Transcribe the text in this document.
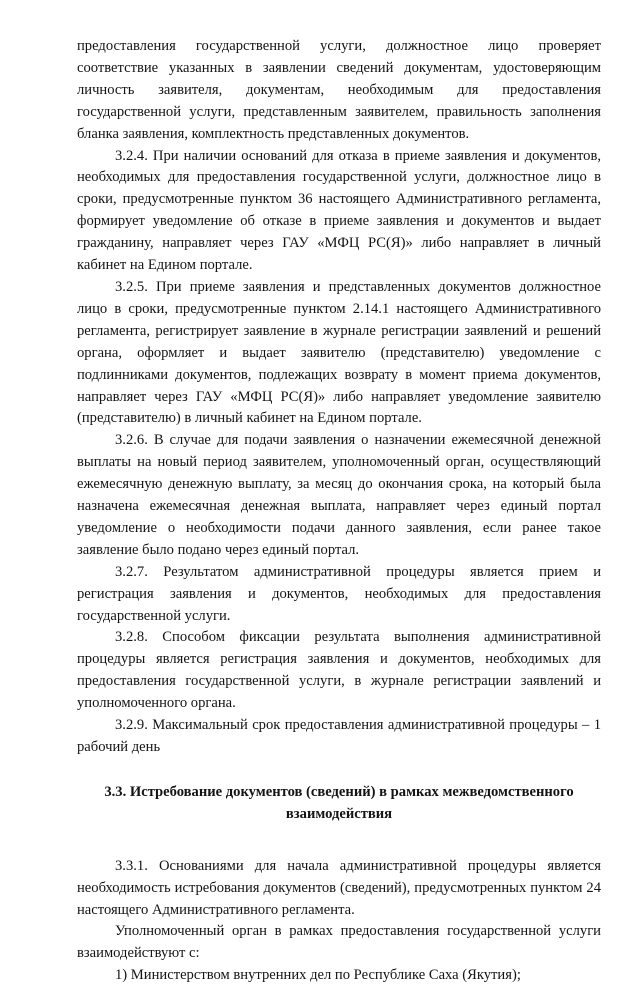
предоставления государственной услуги, должностное лицо проверяет соответствие указанных в заявлении сведений документам, удостоверяющим личность заявителя, документам, необходимым для предоставления государственной услуги, представленным заявителем, правильность заполнения бланка заявления, комплектность представленных документов.

3.2.4. При наличии оснований для отказа в приеме заявления и документов, необходимых для предоставления государственной услуги, должностное лицо в сроки, предусмотренные пунктом 36 настоящего Административного регламента, формирует уведомление об отказе в приеме заявления и документов и выдает гражданину, направляет через ГАУ «МФЦ РС(Я)» либо направляет в личный кабинет на Едином портале.

3.2.5. При приеме заявления и представленных документов должностное лицо в сроки, предусмотренные пунктом 2.14.1 настоящего Административного регламента, регистрирует заявление в журнале регистрации заявлений и решений органа, оформляет и выдает заявителю (представителю) уведомление с подлинниками документов, подлежащих возврату в момент приема документов, направляет через ГАУ «МФЦ РС(Я)» либо направляет уведомление заявителю (представителю) в личный кабинет на Едином портале.

3.2.6. В случае для подачи заявления о назначении ежемесячной денежной выплаты на новый период заявителем, уполномоченный орган, осуществляющий ежемесячную денежную выплату, за месяц до окончания срока, на который была назначена ежемесячная денежная выплата, направляет через единый портал уведомление о необходимости подачи данного заявления, если ранее такое заявление было подано через единый портал.

3.2.7. Результатом административной процедуры является прием и регистрация заявления и документов, необходимых для предоставления государственной услуги.

3.2.8. Способом фиксации результата выполнения административной процедуры является регистрация заявления и документов, необходимых для предоставления государственной услуги, в журнале регистрации заявлений и уполномоченного органа.

3.2.9. Максимальный срок предоставления административной процедуры – 1 рабочий день

3.3. Истребование документов (сведений) в рамках межведомственного взаимодействия

3.3.1. Основаниями для начала административной процедуры является необходимость истребования документов (сведений), предусмотренных пунктом 24 настоящего Административного регламента.

Уполномоченный орган в рамках предоставления государственной услуги взаимодействуют с:

1) Министерством внутренних дел по Республике Саха (Якутия);
